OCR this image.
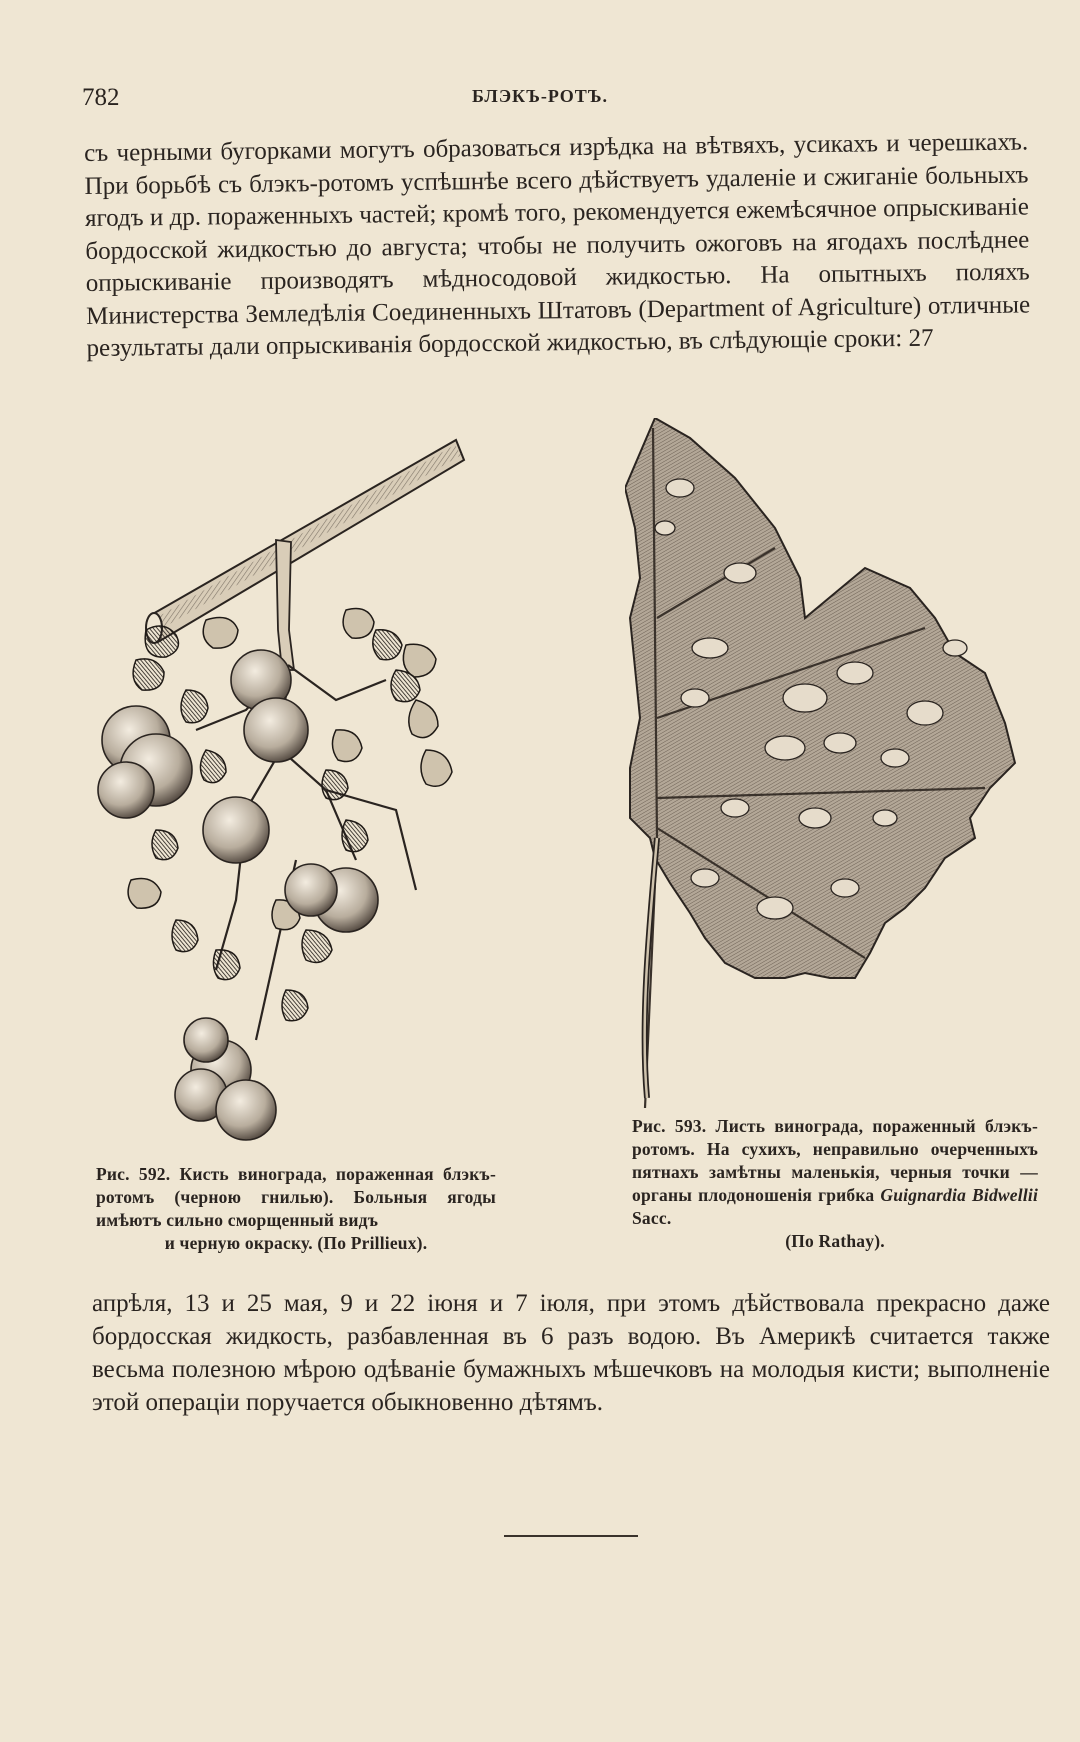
782	БЛЭКЪ-РОТЪ.
съ черными бугорками могутъ образоваться изрѣдка на вѣтвяхъ, усикахъ и черешкахъ. При борьбѣ съ блэкъ-ротомъ успѣшнѣе всего дѣйствуетъ удаленіе и сжиганіе больныхъ ягодъ и др. пораженныхъ частей; кромѣ того, рекомендуется ежемѣсячное опрыскиваніе бордосской жидкостью до августа; чтобы не получить ожоговъ на ягодахъ послѣднее опрыскиваніе производятъ мѣдносодовой жидкостью. На опытныхъ поляхъ Министерства Земледѣлія Соединенныхъ Штатовъ (Department of Agriculture) отличные результаты дали опрыскиванія бордосской жидкостью, въ слѣдующіе сроки: 27
Рис. 592. Кисть винограда, пораженная блэкъ-ротомъ (черною гнилью). Больныя ягоды имѣютъ сильно сморщенный видъ
и черную окраску. (По Prillieux).
Рис. 593. Листь винограда, пораженный блэкъ-ротомъ. На сухихъ, неправильно очерченныхъ пятнахъ замѣтны маленькія, черныя точки — органы плодоношенія грибка Guignardia Bidwellii Sacc.
(По Rathay).
апрѣля, 13 и 25 мая, 9 и 22 іюня и 7 іюля, при этомъ дѣйствовала прекрасно даже бордосская жидкость, разбавленная въ 6 разъ водою. Въ Америкѣ считается также весьма полезною мѣрою одѣваніе бумажныхъ мѣшечковъ на молодыя кисти; выполненіе этой операціи поручается обыкновенно дѣтямъ.
